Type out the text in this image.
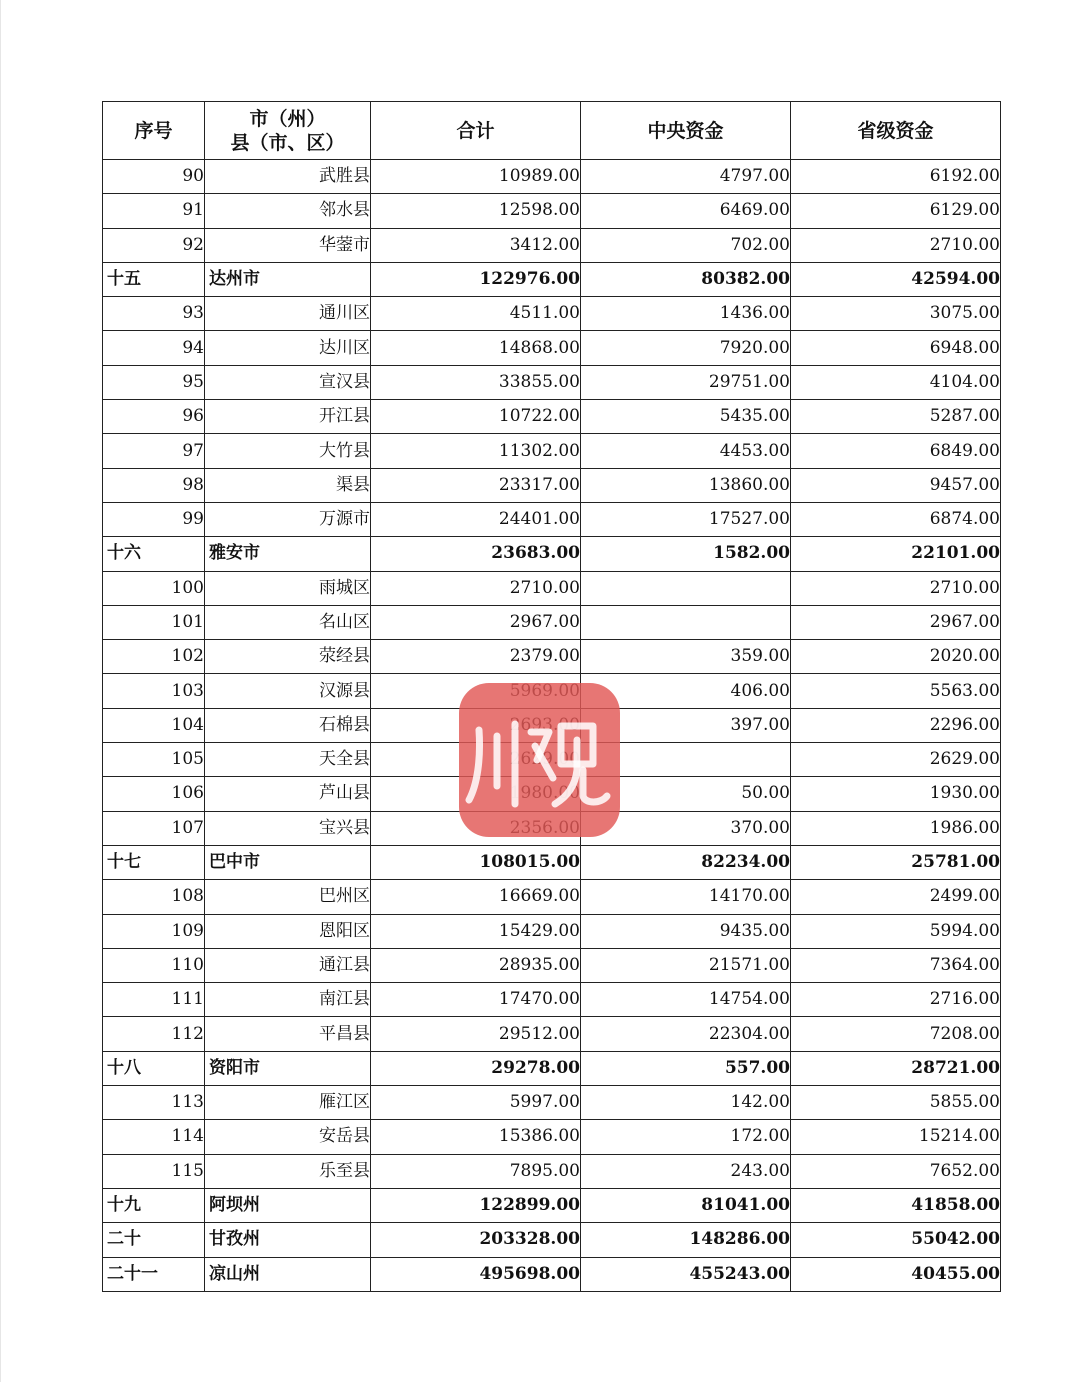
序号	市（州）
县（市、区）	合计	中央资金	省级资金
90	武胜县	10989.00	4797.00	6192.00
91	邻水县	12598.00	6469.00	6129.00
92	华蓥市	3412.00	702.00	2710.00
十五	达州市	122976.00	80382.00	42594.00
93	通川区	4511.00	1436.00	3075.00
94	达川区	14868.00	7920.00	6948.00
95	宣汉县	33855.00	29751.00	4104.00
96	开江县	10722.00	5435.00	5287.00
97	大竹县	11302.00	4453.00	6849.00
98	渠县	23317.00	13860.00	9457.00
99	万源市	24401.00	17527.00	6874.00
十六	雅安市	23683.00	1582.00	22101.00
100	雨城区	2710.00		2710.00
101	名山区	2967.00		2967.00
102	荥经县	2379.00	359.00	2020.00
103	汉源县		406.00	5563.00
104	石棉县		397.00	2296.00
105	天全县			2629.00
106	芦山县		50.00	1930.00
107	宝兴县		370.00	1986.00
十七	巴中市	108015.00	82234.00	25781.00
108	巴州区	16669.00	14170.00	2499.00
109	恩阳区	15429.00	9435.00	5994.00
110	通江县	28935.00	21571.00	7364.00
111	南江县	17470.00	14754.00	2716.00
112	平昌县	29512.00	22304.00	7208.00
十八	资阳市	29278.00	557.00	28721.00
113	雁江区	5997.00	142.00	5855.00
114	安岳县	15386.00	172.00	15214.00
115	乐至县	7895.00	243.00	7652.00
十九	阿坝州	122899.00	81041.00	41858.00
二十	甘孜州	203328.00	148286.00	55042.00
二十一	凉山州	495698.00	455243.00	40455.00
